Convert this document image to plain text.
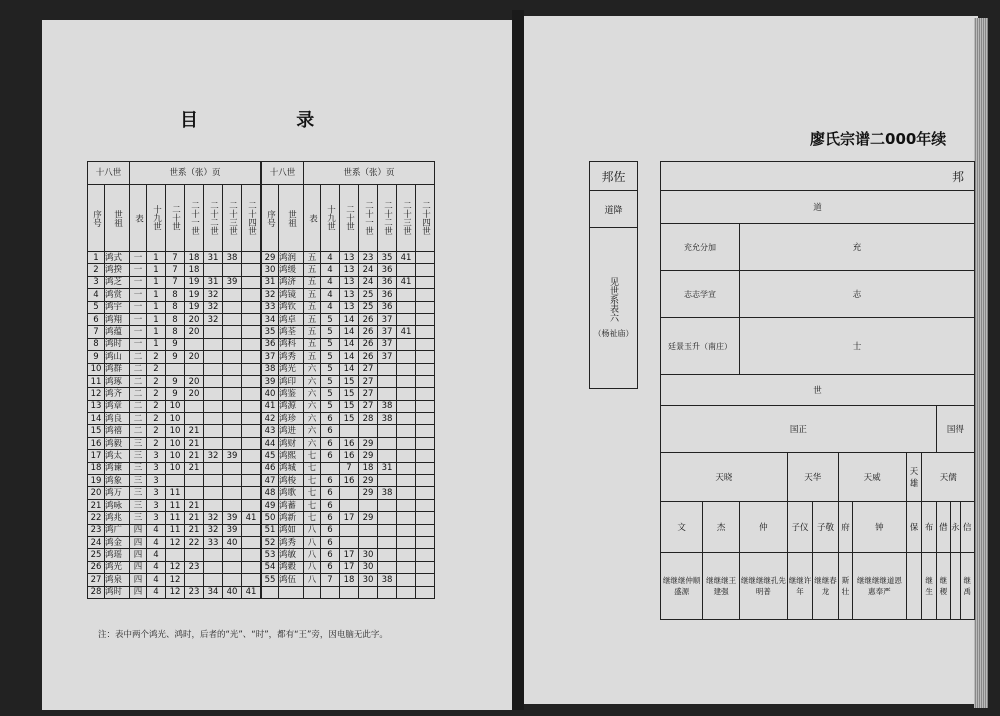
目 录
十八世		世系（张）页							十八世		世系（张）页						
序号	世祖	表	十九世	二十世	二十一世	二十二世	二十三世	二十四世	序号	世祖	表	十九世	二十世	二十一世	二十二世	二十三世	二十四世
1	鸿式	一	1	7	18	31	38		29	鸿润	五	4	13	23	35	41	
2	鸿揆	一	1	7	18				30	鸿缓	五	4	13	24	36		
3	鸿芝	一	1	7	19	31	39		31	鸿济	五	4	13	24	36	41	
4	鸿赏	一	1	8	19	32			32	鸿镜	五	4	13	25	36		
5	鸿宇	一	1	8	19	32			33	鸿钦	五	4	13	25	36		
6	鸿翔	一	1	8	20	32			34	鸿卓	五	5	14	26	37		
7	鸿蕴	一	1	8	20				35	鸿荃	五	5	14	26	37	41	
8	鸿时	一	1	9					36	鸿科	五	5	14	26	37		
9	鸿山	二	2	9	20				37	鸿秀	五	5	14	26	37		
10	鸿群	二	2						38	鸿光	六	5	14	27			
11	鸿琢	二	2	9	20				39	鸿印	六	5	15	27			
12	鸿齐	二	2	9	20				40	鸿鉴	六	5	15	27			
13	鸿章	二	2	10					41	鸿源	六	5	15	27	38		
14	鸿良	二	2	10					42	鸿珍	六	6	15	28	38		
15	鸿禧	二	2	10	21				43	鸿进	六	6					
16	鸿毅	三	2	10	21				44	鸿财	六	6	16	29			
17	鸿太	三	3	10	21	32	39		45	鸿熙	七	6	16	29			
18	鸿谏	三	3	10	21				46	鸿城	七		7	18	31		
19	鸿象	三	3						47	鸿梭	七	6	16	29			
20	鸿万	三	3	11					48	鸿歌	七	6		29	38		
21	鸿咏	三	3	11	21				49	鸿蓄	七	6					
22	鸿兆	三	3	11	21	32	39	41	50	鸿新	七	6	17	29			
23	鸿广	四	4	11	21	32	39		51	鸿如	八	6					
24	鸿金	四	4	12	22	33	40		52	鸿秀	八	6					
25	鸿瑶	四	4						53	鸿敏	八	6	17	30			
26	鸿光	四	4	12	23				54	鸿穀	八	6	17	30			
27	鸿泉	四	4	12					55	鸿伍	八	7	18	30	38		
28	鸿时	四	4	12	23	34	40	41									
注：表中两个鸿光、鸿时，后者的“光”、“时”，都有“王”旁，因电脑无此字。
廖氏宗谱二000年续
邦佐
道降
见世系表六
（杨祉庙）
邦											
道											
充允分加		充									
志志学宣		志									
廷景玉升（南庄）		士									
世											
国正									国得		
天晓			天华		天威		天雄	天儒			
文	杰	仲	子仪	子敬	府	钟	保	布	借	永	信
继继继仲顺盛源	继继继王建强	继继继继孔先明普	继继许年	继继春龙	斯壮	继继继继道恩惠奉严		继生	继稷		继禹
